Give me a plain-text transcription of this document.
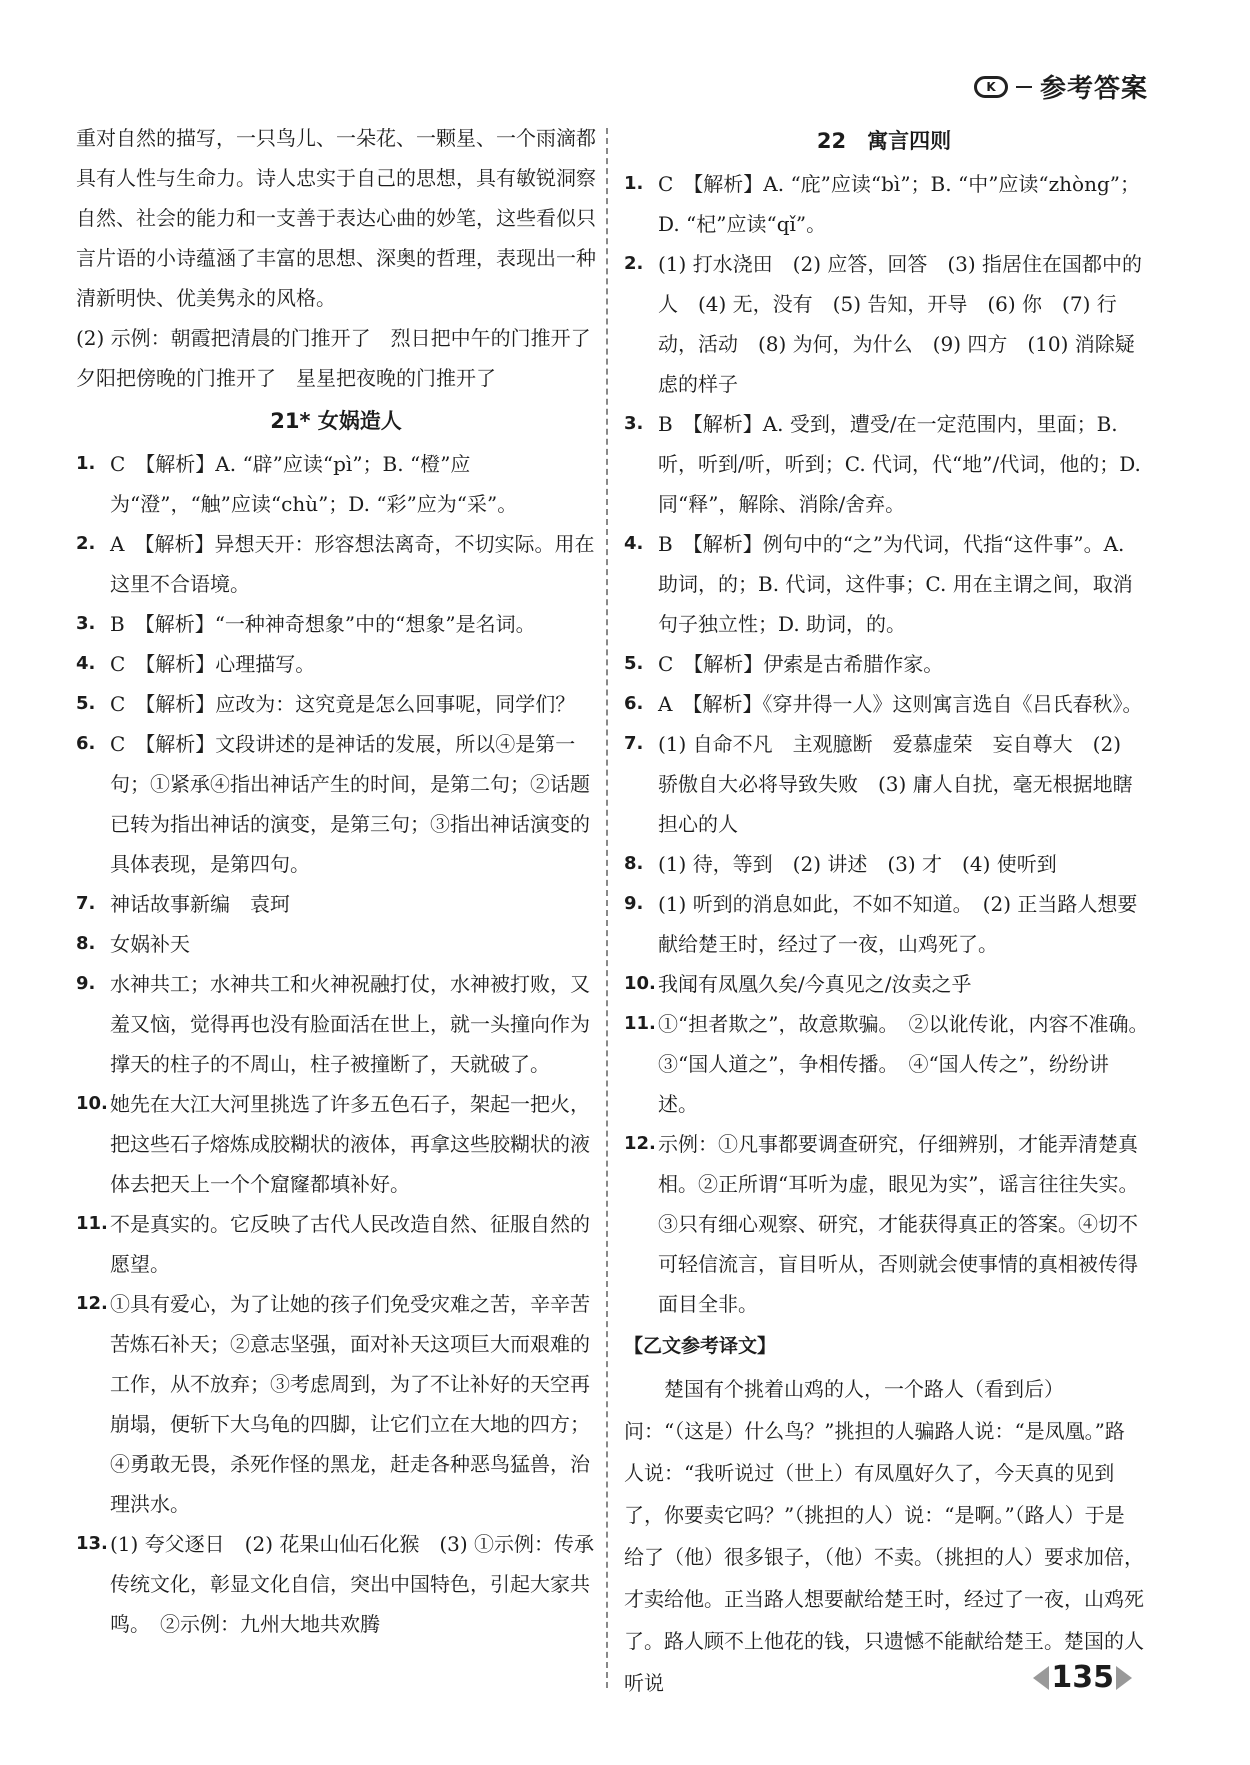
K 参考答案

重对自然的描写，一只鸟儿、一朵花、一颗星、一个雨滴都具有人性与生命力。诗人忠实于自己的思想，具有敏锐洞察自然、社会的能力和一支善于表达心曲的妙笔，这些看似只言片语的小诗蕴涵了丰富的思想、深奥的哲理，表现出一种清新明快、优美隽永的风格。

(2) 示例：朝霞把清晨的门推开了　烈日把中午的门推开了　夕阳把傍晚的门推开了　星星把夜晚的门推开了

21* 女娲造人

1. C　【解析】A. “辟”应读“pì”；B. “橙”应为“澄”，“触”应读“chù”；D. “彩”应为“采”。
2. A　【解析】异想天开：形容想法离奇，不切实际。用在这里不合语境。
3. B　【解析】“一种神奇想象”中的“想象”是名词。
4. C　【解析】心理描写。
5. C　【解析】应改为：这究竟是怎么回事呢，同学们？
6. C　【解析】文段讲述的是神话的发展，所以④是第一句；①紧承④指出神话产生的时间，是第二句；②话题已转为指出神话的演变，是第三句；③指出神话演变的具体表现，是第四句。
7. 神话故事新编　袁珂
8. 女娲补天
9. 水神共工；水神共工和火神祝融打仗，水神被打败，又羞又恼，觉得再也没有脸面活在世上，就一头撞向作为撑天的柱子的不周山，柱子被撞断了，天就破了。
10. 她先在大江大河里挑选了许多五色石子，架起一把火，把这些石子熔炼成胶糊状的液体，再拿这些胶糊状的液体去把天上一个个窟窿都填补好。
11. 不是真实的。它反映了古代人民改造自然、征服自然的愿望。
12. ①具有爱心，为了让她的孩子们免受灾难之苦，辛辛苦苦炼石补天；②意志坚强，面对补天这项巨大而艰难的工作，从不放弃；③考虑周到，为了不让补好的天空再崩塌，便斩下大乌龟的四脚，让它们立在大地的四方；④勇敢无畏，杀死作怪的黑龙，赶走各种恶鸟猛兽，治理洪水。
13. (1) 夸父逐日　(2) 花果山仙石化猴　(3) ①示例：传承传统文化，彰显文化自信，突出中国特色，引起大家共鸣。　②示例：九州大地共欢腾

22　寓言四则

1. C　【解析】A. “庇”应读“bì”；B. “中”应读“zhòng”；D. “杞”应读“qǐ”。
2. (1) 打水浇田　(2) 应答，回答　(3) 指居住在国都中的人　(4) 无，没有　(5) 告知，开导　(6) 你　(7) 行动，活动　(8) 为何，为什么　(9) 四方　(10) 消除疑虑的样子
3. B　【解析】A. 受到，遭受/在一定范围内，里面；B. 听，听到/听，听到；C. 代词，代“地”/代词，他的；D. 同“释”，解除、消除/舍弃。
4. B　【解析】例句中的“之”为代词，代指“这件事”。A. 助词，的；B. 代词，这件事；C. 用在主谓之间，取消句子独立性；D. 助词，的。
5. C　【解析】伊索是古希腊作家。
6. A　【解析】《穿井得一人》这则寓言选自《吕氏春秋》。
7. (1) 自命不凡　主观臆断　爱慕虚荣　妄自尊大　(2) 骄傲自大必将导致失败　(3) 庸人自扰，毫无根据地瞎担心的人
8. (1) 待，等到　(2) 讲述　(3) 才　(4) 使听到
9. (1) 听到的消息如此，不如不知道。　(2) 正当路人想要献给楚王时，经过了一夜，山鸡死了。
10. 我闻有凤凰久矣/今真见之/汝卖之乎
11. ①“担者欺之”，故意欺骗。　②以讹传讹，内容不准确。　③“国人道之”，争相传播。　④“国人传之”，纷纷讲述。
12. 示例：①凡事都要调查研究，仔细辨别，才能弄清楚真相。②正所谓“耳听为虚，眼见为实”，谣言往往失实。③只有细心观察、研究，才能获得真正的答案。④切不可轻信流言，盲目听从，否则就会使事情的真相被传得面目全非。

【乙文参考译文】

楚国有个挑着山鸡的人，一个路人（看到后）问：“（这是）什么鸟？”挑担的人骗路人说：“是凤凰。”路人说：“我听说过（世上）有凤凰好久了，今天真的见到了，你要卖它吗？”（挑担的人）说：“是啊。”（路人）于是给了（他）很多银子，（他）不卖。（挑担的人）要求加倍，才卖给他。正当路人想要献给楚王时，经过了一夜，山鸡死了。路人顾不上他花的钱，只遗憾不能献给楚王。楚国的人听说	135
